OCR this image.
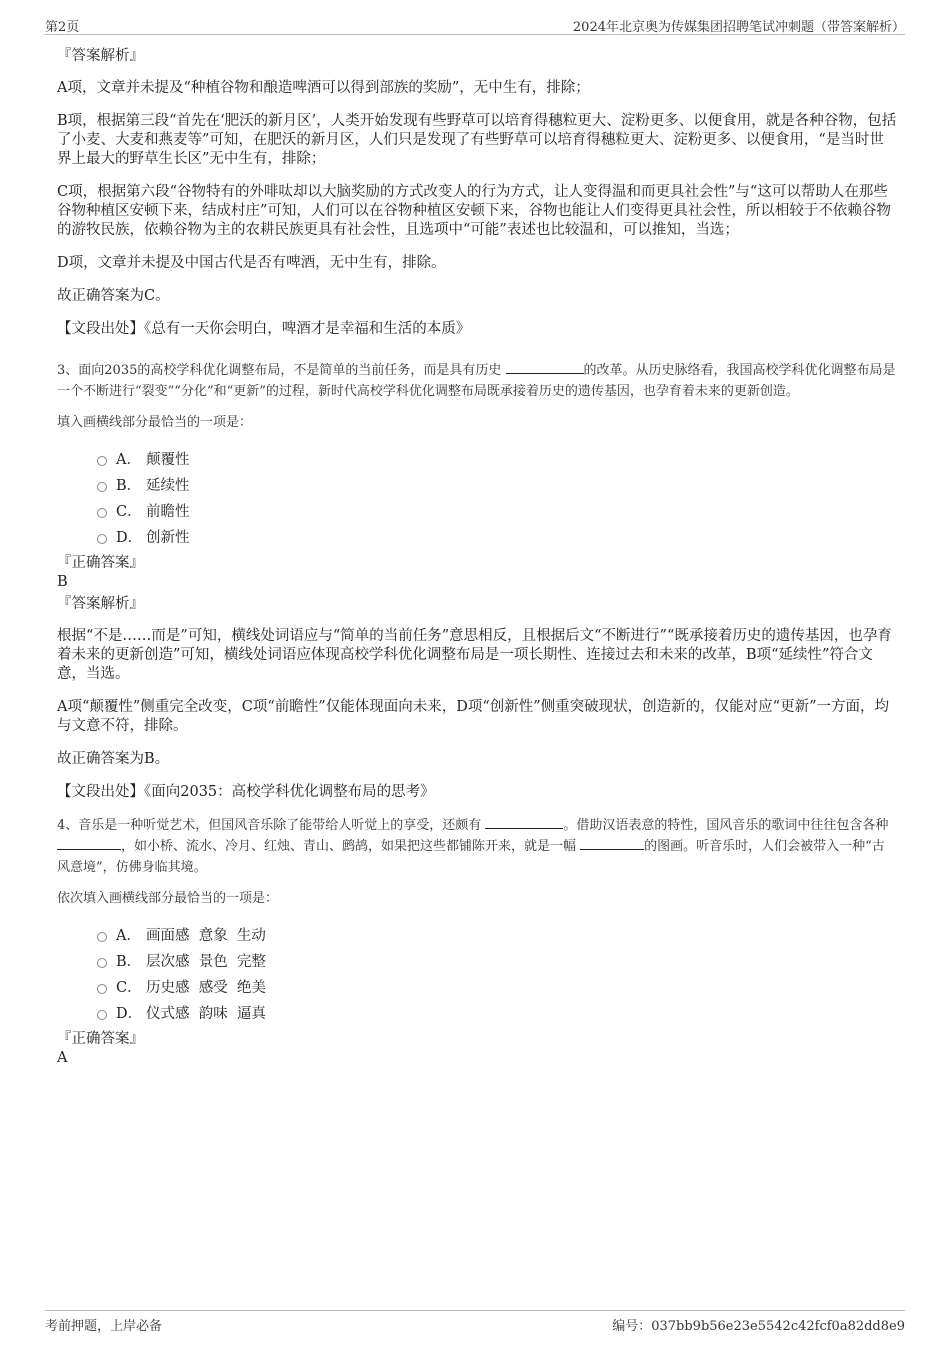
第2页	2024年北京奥为传媒集团招聘笔试冲刺题（带答案解析）

『答案解析』

A项，文章并未提及“种植谷物和酿造啤酒可以得到部族的奖励”，无中生有，排除；

B项，根据第三段“首先在‘肥沃的新月区’，人类开始发现有些野草可以培育得穗粒更大、淀粉更多、以便食用，就是各种谷物，包括了小麦、大麦和燕麦等”可知，在肥沃的新月区，人们只是发现了有些野草可以培育得穗粒更大、淀粉更多、以便食用，“是当时世界上最大的野草生长区”无中生有，排除；

C项，根据第六段“谷物特有的外啡呔却以大脑奖励的方式改变人的行为方式，让人变得温和而更具社会性”与“这可以帮助人在那些谷物种植区安顿下来，结成村庄”可知，人们可以在谷物种植区安顿下来，谷物也能让人们变得更具社会性，所以相较于不依赖谷物的游牧民族，依赖谷物为主的农耕民族更具有社会性，且选项中“可能”表述也比较温和，可以推知，当选；

D项，文章并未提及中国古代是否有啤酒，无中生有，排除。

故正确答案为C。

【文段出处】《总有一天你会明白，啤酒才是幸福和生活的本质》

3、面向2035的高校学科优化调整布局，不是简单的当前任务，而是具有历史	的改革。从历史脉络看，我国高校学科优化调整布局是一个不断进行“裂变”“分化”和“更新”的过程，新时代高校学科优化调整布局既承接着历史的遗传基因，也孕育着未来的更新创造。

填入画横线部分最恰当的一项是：

A． 颠覆性
B． 延续性
C． 前瞻性
D． 创新性

『正确答案』

B

『答案解析』

根据“不是……而是”可知，横线处词语应与“简单的当前任务”意思相反，且根据后文“不断进行”“既承接着历史的遗传基因，也孕育着未来的更新创造”可知，横线处词语应体现高校学科优化调整布局是一项长期性、连接过去和未来的改革，B项“延续性”符合文意，当选。

A项“颠覆性”侧重完全改变，C项“前瞻性”仅能体现面向未来，D项“创新性”侧重突破现状，创造新的，仅能对应“更新”一方面，均与文意不符，排除。

故正确答案为B。

【文段出处】《面向2035：高校学科优化调整布局的思考》

4、音乐是一种听觉艺术，但国风音乐除了能带给人听觉上的享受，还颇有	。借助汉语表意的特性，国风音乐的歌词中往往包含各种 ，如小桥、流水、冷月、红烛、青山、鹧鸪，如果把这些都铺陈开来，就是一幅	的图画。听音乐时，人们会被带入一种“古风意境”，仿佛身临其境。

依次填入画横线部分最恰当的一项是：

A． 画面感  意象  生动
B． 层次感  景色  完整
C． 历史感  感受  绝美
D． 仪式感  韵味  逼真

『正确答案』

A

考前押题，上岸必备	编号：037bb9b56e23e5542c42fcf0a82dd8e9
